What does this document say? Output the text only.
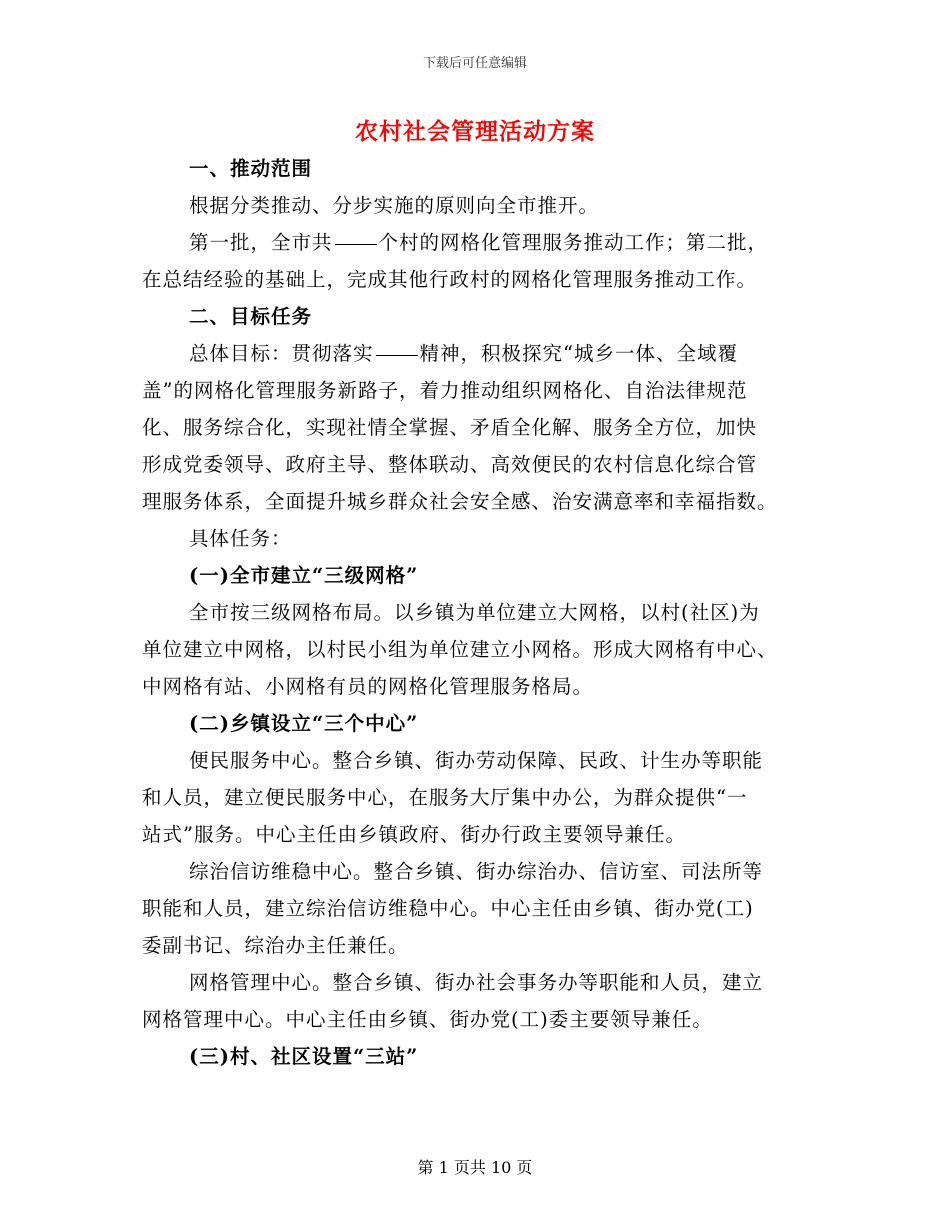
下载后可任意编辑
农村社会管理活动方案
一、推动范围
根据分类推动、分步实施的原则向全市推开。
第一批，全市共 个村的网格化管理服务推动工作；第二批，
在总结经验的基础上，完成其他行政村的网格化管理服务推动工作。
二、目标任务
总体目标：贯彻落实 精神，积极探究“城乡一体、全域覆
盖”的网格化管理服务新路子，着力推动组织网格化、自治法律规范
化、服务综合化，实现社情全掌握、矛盾全化解、服务全方位，加快
形成党委领导、政府主导、整体联动、高效便民的农村信息化综合管
理服务体系，全面提升城乡群众社会安全感、治安满意率和幸福指数。
具体任务：
(一)全市建立“三级网格”
全市按三级网格布局。以乡镇为单位建立大网格，以村(社区)为
单位建立中网格，以村民小组为单位建立小网格。形成大网格有中心、
中网格有站、小网格有员的网格化管理服务格局。
(二)乡镇设立“三个中心”
便民服务中心。整合乡镇、街办劳动保障、民政、计生办等职能
和人员，建立便民服务中心，在服务大厅集中办公，为群众提供“一
站式”服务。中心主任由乡镇政府、街办行政主要领导兼任。
综治信访维稳中心。整合乡镇、街办综治办、信访室、司法所等
职能和人员，建立综治信访维稳中心。中心主任由乡镇、街办党(工)
委副书记、综治办主任兼任。
网格管理中心。整合乡镇、街办社会事务办等职能和人员，建立
网格管理中心。中心主任由乡镇、街办党(工)委主要领导兼任。
(三)村、社区设置“三站”
第 1 页共 10 页
